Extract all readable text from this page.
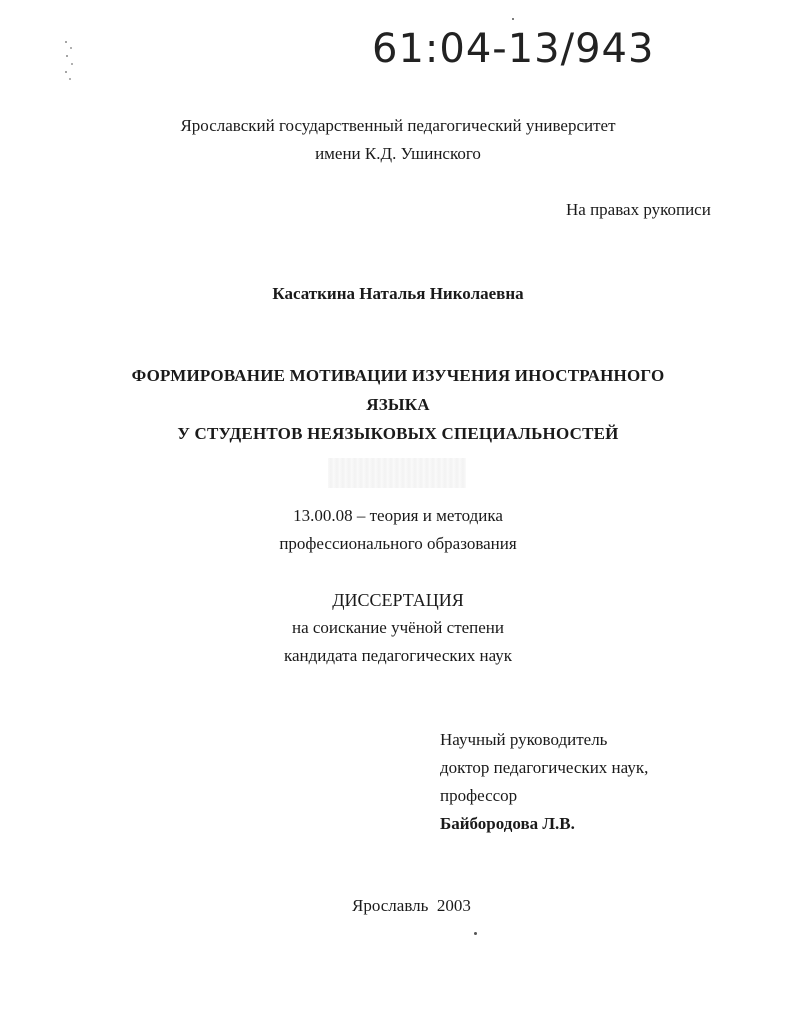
61:04-13/943
Ярославский государственный педагогический университет
имени К.Д. Ушинского
На правах рукописи
Касаткина Наталья Николаевна
ФОРМИРОВАНИЕ МОТИВАЦИИ ИЗУЧЕНИЯ ИНОСТРАННОГО
ЯЗЫКА
У СТУДЕНТОВ НЕЯЗЫКОВЫХ СПЕЦИАЛЬНОСТЕЙ
13.00.08 – теория и методика
профессионального образования
ДИССЕРТАЦИЯ
на соискание учёной степени
кандидата педагогических наук
Научный руководитель
доктор педагогических наук,
профессор
Байбородова Л.В.
Ярославль  2003
